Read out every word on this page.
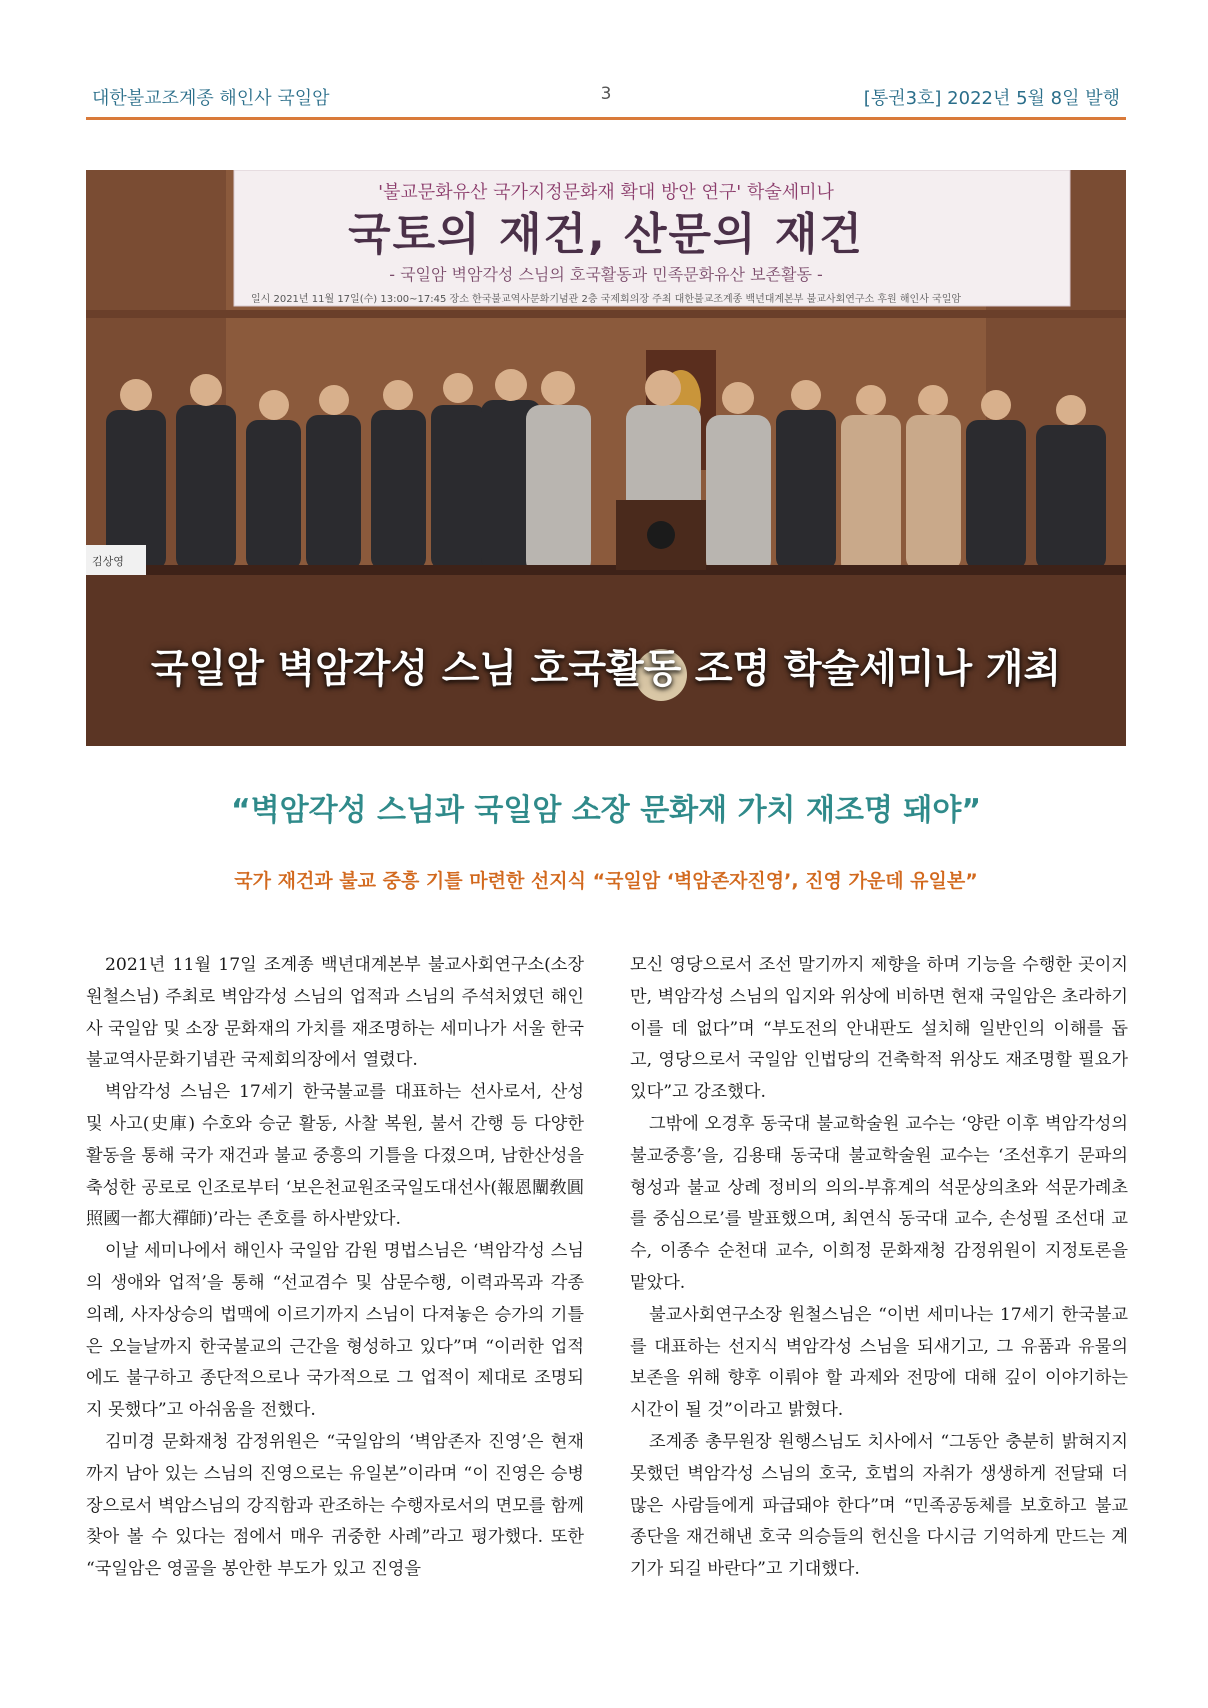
대한불교조계종 해인사 국일암	3	[통권3호] 2022년 5월 8일 발행
'불교문화유산 국가지정문화재 확대 방안 연구' 학술세미나
국토의 재건, 산문의 재건
- 국일암 벽암각성 스님의 호국활동과 민족문화유산 보존활동 -
일시 2021년 11월 17일(수) 13:00~17:45 장소 한국불교역사문화기념관 2층 국제회의장 주최 대한불교조계종 백년대계본부 불교사회연구소 후원 해인사 국일암
김상영
국일암 벽암각성 스님 호국활동 조명 학술세미나 개최
“벽암각성 스님과 국일암 소장 문화재 가치 재조명 돼야”
국가 재건과 불교 중흥 기틀 마련한 선지식 “국일암 ‘벽암존자진영’, 진영 가운데 유일본”

2021년 11월 17일 조계종 백년대계본부 불교사회연구소(소장 원철스님) 주최로 벽암각성 스님의 업적과 스님의 주석처였던 해인사 국일암 및 소장 문화재의 가치를 재조명하는 세미나가 서울 한국불교역사문화기념관 국제회의장에서 열렸다.

벽암각성 스님은 17세기 한국불교를 대표하는 선사로서, 산성 및 사고(史庫) 수호와 승군 활동, 사찰 복원, 불서 간행 등 다양한 활동을 통해 국가 재건과 불교 중흥의 기틀을 다졌으며, 남한산성을 축성한 공로로 인조로부터 ‘보은천교원조국일도대선사(報恩闡敎圓照國一都大禪師)’라는 존호를 하사받았다.

이날 세미나에서 해인사 국일암 감원 명법스님은 ‘벽암각성 스님의 생애와 업적’을 통해 “선교겸수 및 삼문수행, 이력과목과 각종 의례, 사자상승의 법맥에 이르기까지 스님이 다져놓은 승가의 기틀은 오늘날까지 한국불교의 근간을 형성하고 있다”며 “이러한 업적에도 불구하고 종단적으로나 국가적으로 그 업적이 제대로 조명되지 못했다”고 아쉬움을 전했다.

김미경 문화재청 감정위원은 “국일암의 ‘벽암존자 진영’은 현재까지 남아 있는 스님의 진영으로는 유일본”이라며 “이 진영은 승병장으로서 벽암스님의 강직함과 관조하는 수행자로서의 면모를 함께 찾아 볼 수 있다는 점에서 매우 귀중한 사례”라고 평가했다. 또한 “국일암은 영골을 봉안한 부도가 있고 진영을

모신 영당으로서 조선 말기까지 제향을 하며 기능을 수행한 곳이지만, 벽암각성 스님의 입지와 위상에 비하면 현재 국일암은 초라하기 이를 데 없다”며 “부도전의 안내판도 설치해 일반인의 이해를 돕고, 영당으로서 국일암 인법당의 건축학적 위상도 재조명할 필요가 있다”고 강조했다.

그밖에 오경후 동국대 불교학술원 교수는 ‘양란 이후 벽암각성의 불교중흥’을, 김용태 동국대 불교학술원 교수는 ‘조선후기 문파의 형성과 불교 상례 정비의 의의-부휴계의 석문상의초와 석문가례초를 중심으로’를 발표했으며, 최연식 동국대 교수, 손성필 조선대 교수, 이종수 순천대 교수, 이희정 문화재청 감정위원이 지정토론을 맡았다.

불교사회연구소장 원철스님은 “이번 세미나는 17세기 한국불교를 대표하는 선지식 벽암각성 스님을 되새기고, 그 유품과 유물의 보존을 위해 향후 이뤄야 할 과제와 전망에 대해 깊이 이야기하는 시간이 될 것”이라고 밝혔다.

조계종 총무원장 원행스님도 치사에서 “그동안 충분히 밝혀지지 못했던 벽암각성 스님의 호국, 호법의 자취가 생생하게 전달돼 더 많은 사람들에게 파급돼야 한다”며 “민족공동체를 보호하고 불교종단을 재건해낸 호국 의승들의 헌신을 다시금 기억하게 만드는 계기가 되길 바란다”고 기대했다.
